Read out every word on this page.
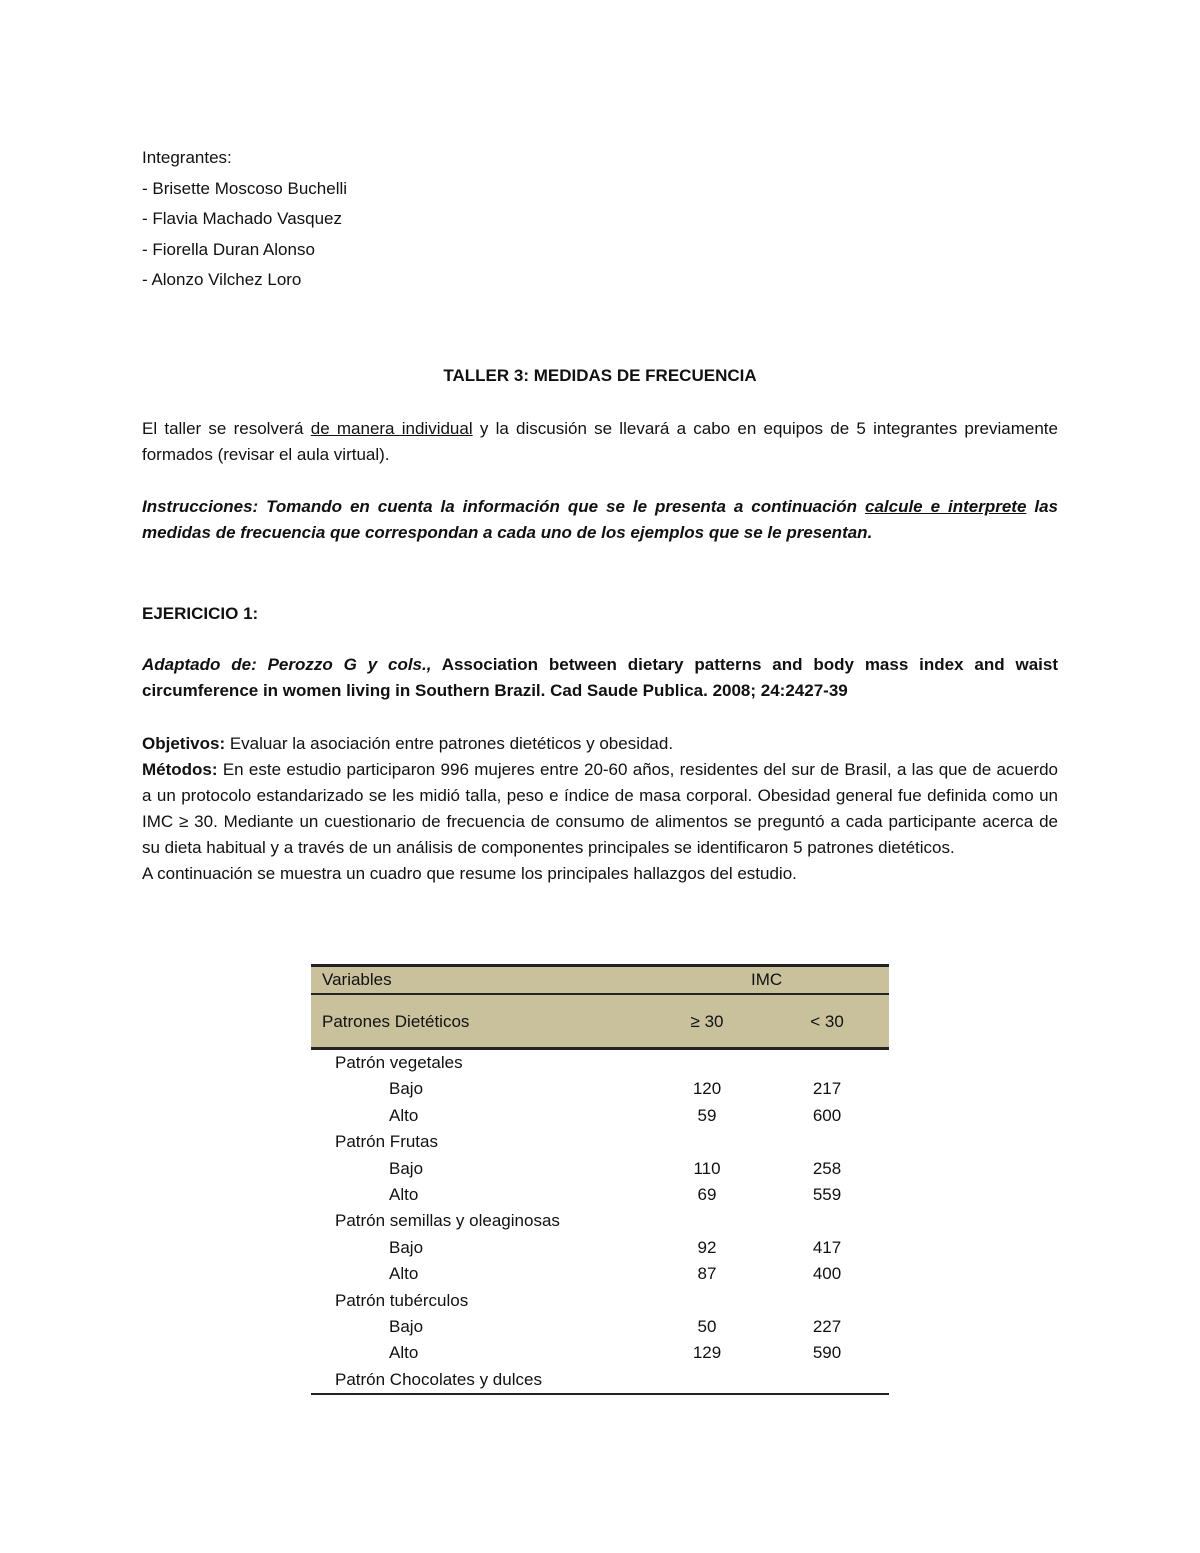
Integrantes:
- Brisette Moscoso Buchelli
- Flavia Machado Vasquez
- Fiorella Duran Alonso
- Alonzo Vilchez Loro
TALLER 3: MEDIDAS DE FRECUENCIA
El taller se resolverá de manera individual y la discusión se llevará a cabo en equipos de 5 integrantes previamente formados (revisar el aula virtual).
Instrucciones: Tomando en cuenta la información que se le presenta a continuación calcule e interprete las medidas de frecuencia que correspondan a cada uno de los ejemplos que se le presentan.
EJERICICIO 1:
Adaptado de: Perozzo G y cols., Association between dietary patterns and body mass index and waist circumference in women living in Southern Brazil. Cad Saude Publica. 2008; 24:2427-39

Objetivos: Evaluar la asociación entre patrones dietéticos y obesidad.

Métodos: En este estudio participaron 996 mujeres entre 20-60 años, residentes del sur de Brasil, a las que de acuerdo a un protocolo estandarizado se les midió talla, peso e índice de masa corporal. Obesidad general fue definida como un IMC ≥ 30. Mediante un cuestionario de frecuencia de consumo de alimentos se preguntó a cada participante acerca de su dieta habitual y a través de un análisis de componentes principales se identificaron 5 patrones dietéticos.

A continuación se muestra un cuadro que resume los principales hallazgos del estudio.

Variables	IMC
Patrones Dietéticos	≥ 30	< 30
Patrón vegetales
Bajo	120	217
Alto	59	600
Patrón Frutas
Bajo	110	258
Alto	69	559
Patrón semillas y oleaginosas
Bajo	92	417
Alto	87	400
Patrón tubérculos
Bajo	50	227
Alto	129	590
Patrón Chocolates y dulces
